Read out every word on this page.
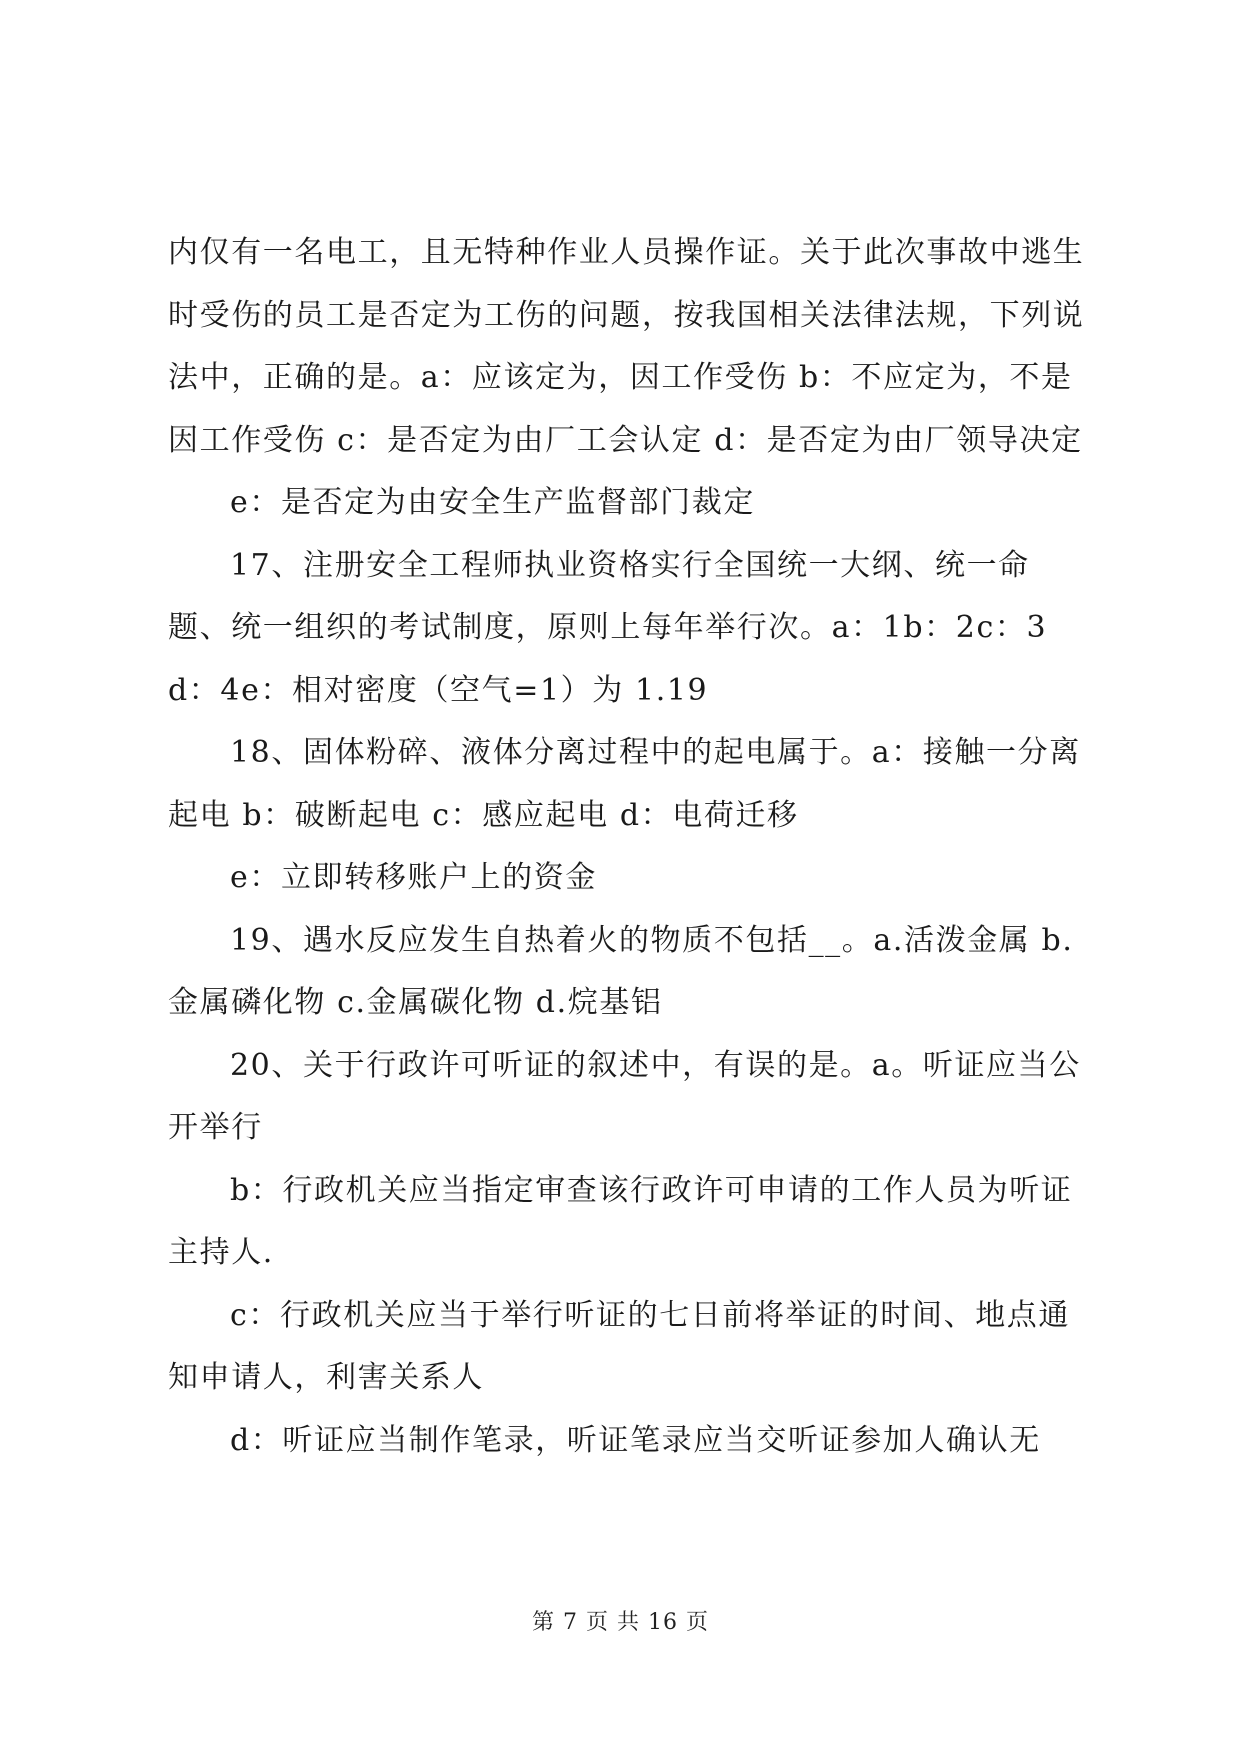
内仅有一名电工，且无特种作业人员操作证。关于此次事故中逃生时受伤的员工是否定为工伤的问题，按我国相关法律法规，下列说法中，正确的是。a：应该定为，因工作受伤 b：不应定为，不是因工作受伤 c：是否定为由厂工会认定 d：是否定为由厂领导决定

e：是否定为由安全生产监督部门裁定

17、注册安全工程师执业资格实行全国统一大纲、统一命题、统一组织的考试制度，原则上每年举行次。a：1b：2c：3d：4e：相对密度（空气=1）为 1.19

18、固体粉碎、液体分离过程中的起电属于。a：接触一分离起电 b：破断起电 c：感应起电 d：电荷迁移

e：立即转移账户上的资金

19、遇水反应发生自热着火的物质不包括__。a.活泼金属 b.金属磷化物 c.金属碳化物 d.烷基铝

20、关于行政许可听证的叙述中，有误的是。a。听证应当公开举行

b：行政机关应当指定审查该行政许可申请的工作人员为听证主持人.

c：行政机关应当于举行听证的七日前将举证的时间、地点通知申请人，利害关系人

d：听证应当制作笔录，听证笔录应当交听证参加人确认无

第 7 页 共 16 页
